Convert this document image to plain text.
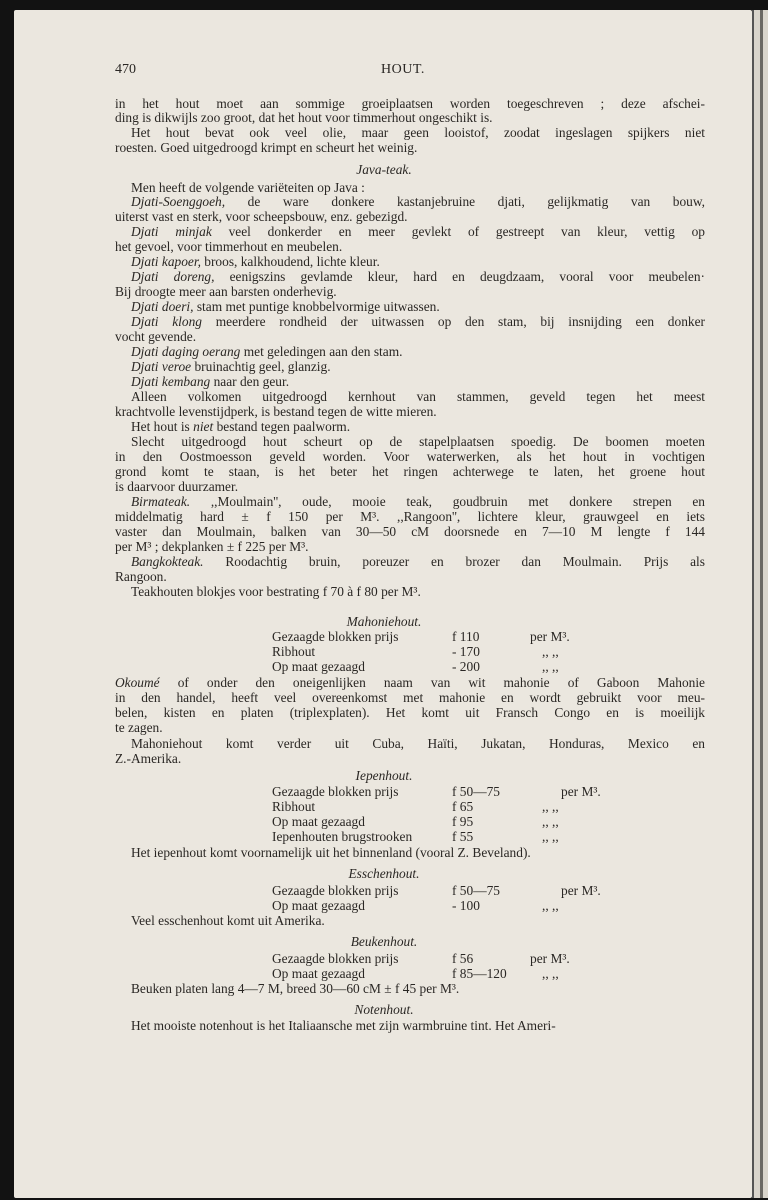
470	HOUT.
in het hout moet aan sommige groeiplaatsen worden toegeschreven ; deze afschei-
ding is dikwijls zoo groot, dat het hout voor timmerhout ongeschikt is.
Het hout bevat ook veel olie, maar geen looistof, zoodat ingeslagen spijkers niet
roesten. Goed uitgedroogd krimpt en scheurt het weinig.
Java-teak.
Men heeft de volgende variëteiten op Java :
Djati-Soenggoeh, de ware donkere kastanjebruine djati, gelijkmatig van bouw,
uiterst vast en sterk, voor scheepsbouw, enz. gebezigd.
Djati minjak veel donkerder en meer gevlekt of gestreept van kleur, vettig op
het gevoel, voor timmerhout en meubelen.
Djati kapoer, broos, kalkhoudend, lichte kleur.
Djati doreng, eenigszins gevlamde kleur, hard en deugdzaam, vooral voor meubelen·
Bij droogte meer aan barsten onderhevig.
Djati doeri, stam met puntige knobbelvormige uitwassen.
Djati klong meerdere rondheid der uitwassen op den stam, bij insnijding een donker
vocht gevende.
Djati daging oerang met geledingen aan den stam.
Djati veroe bruinachtig geel, glanzig.
Djati kembang naar den geur.
Alleen volkomen uitgedroogd kernhout van stammen, geveld tegen het meest
krachtvolle levenstijdperk, is bestand tegen de witte mieren.
Het hout is niet bestand tegen paalworm.
Slecht uitgedroogd hout scheurt op de stapelplaatsen spoedig. De boomen moeten
in den Oostmoesson geveld worden. Voor waterwerken, als het hout in vochtigen
grond komt te staan, is het beter het ringen achterwege te laten, het groene hout
is daarvoor duurzamer.
Birmateak. ,,Moulmain'', oude, mooie teak, goudbruin met donkere strepen en
middelmatig hard ± f 150 per M³. ,,Rangoon'', lichtere kleur, grauwgeel en iets
vaster dan Moulmain, balken van 30—50 cM doorsnede en 7—10 M lengte f 144
per M³ ; dekplanken ± f 225 per M³.
Bangkokteak. Roodachtig bruin, poreuzer en brozer dan Moulmain. Prijs als
Rangoon.
Teakhouten blokjes voor bestrating f 70 à f 80 per M³.
Mahoniehout.
Gezaagde blokken prijs	f 110	per M³.
Ribhout	- 170	,, ,,
Op maat gezaagd	- 200	,, ,,
Okoumé of onder den oneigenlijken naam van wit mahonie of Gaboon Mahonie
in den handel, heeft veel overeenkomst met mahonie en wordt gebruikt voor meu-
belen, kisten en platen (triplexplaten). Het komt uit Fransch Congo en is moeilijk
te zagen.
Mahoniehout komt verder uit Cuba, Haïti, Jukatan, Honduras, Mexico en
Z.-Amerika.
Iepenhout.
Gezaagde blokken prijs	f 50—75	per M³.
Ribhout	f 65	,, ,,
Op maat gezaagd	f 95	,, ,,
Iepenhouten brugstrooken	f 55	,, ,,
Het iepenhout komt voornamelijk uit het binnenland (vooral Z. Beveland).
Esschenhout.
Gezaagde blokken prijs	f 50—75	per M³.
Op maat gezaagd	- 100	,, ,,
Veel esschenhout komt uit Amerika.
Beukenhout.
Gezaagde blokken prijs	f 56	per M³.
Op maat gezaagd	f 85—120	,, ,,
Beuken platen lang 4—7 M, breed 30—60 cM ± f 45 per M³.
Notenhout.
Het mooiste notenhout is het Italiaansche met zijn warmbruine tint. Het Ameri-
